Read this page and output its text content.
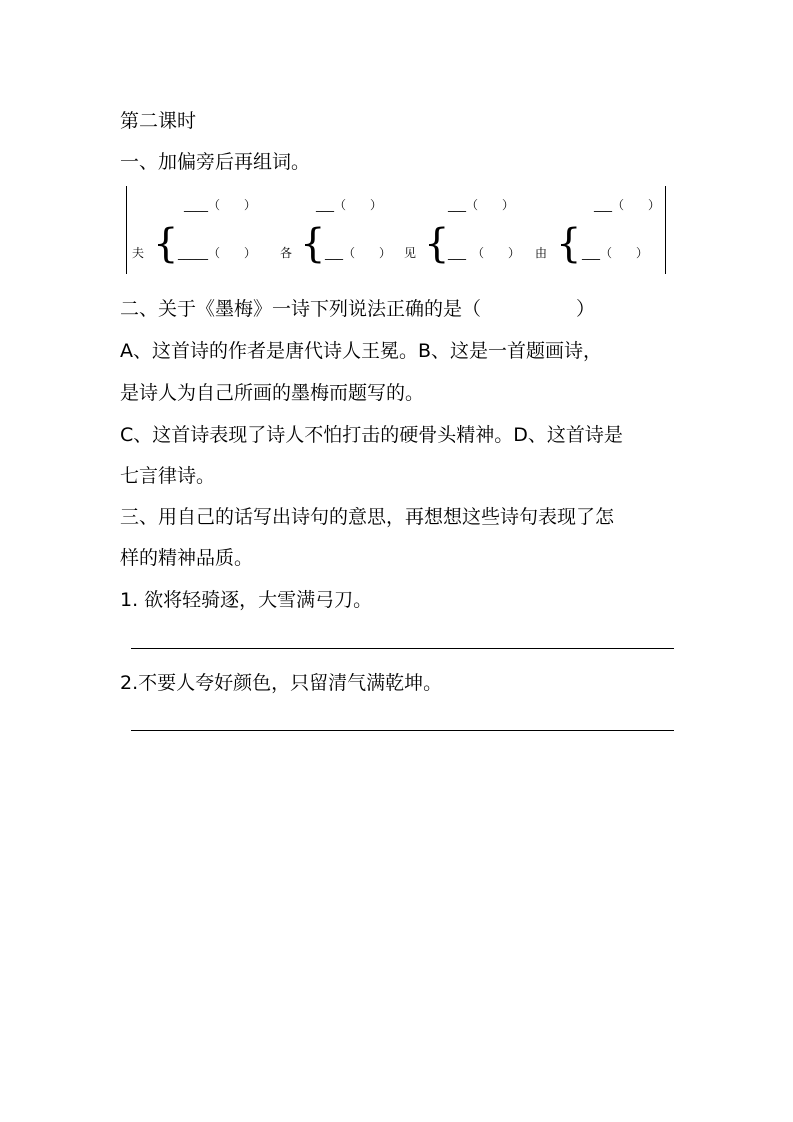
第二课时
一、加偏旁后再组词。
____（　　）
夫 { _____（　　）
___（　　）
各 { ___（　　）
___（　　）
见 {
___　（　　）
___（　　）
由 { ___（　　）
二、关于《墨梅》一诗下列说法正确的是（　　　　　）
A、这首诗的作者是唐代诗人王冕。B、这是一首题画诗，
是诗人为自己所画的墨梅而题写的。
C、这首诗表现了诗人不怕打击的硬骨头精神。D、这首诗是
七言律诗。
三、用自己的话写出诗句的意思，再想想这些诗句表现了怎
样的精神品质。
1. 欲将轻骑逐，大雪满弓刀。
2.不要人夸好颜色，只留清气满乾坤。
